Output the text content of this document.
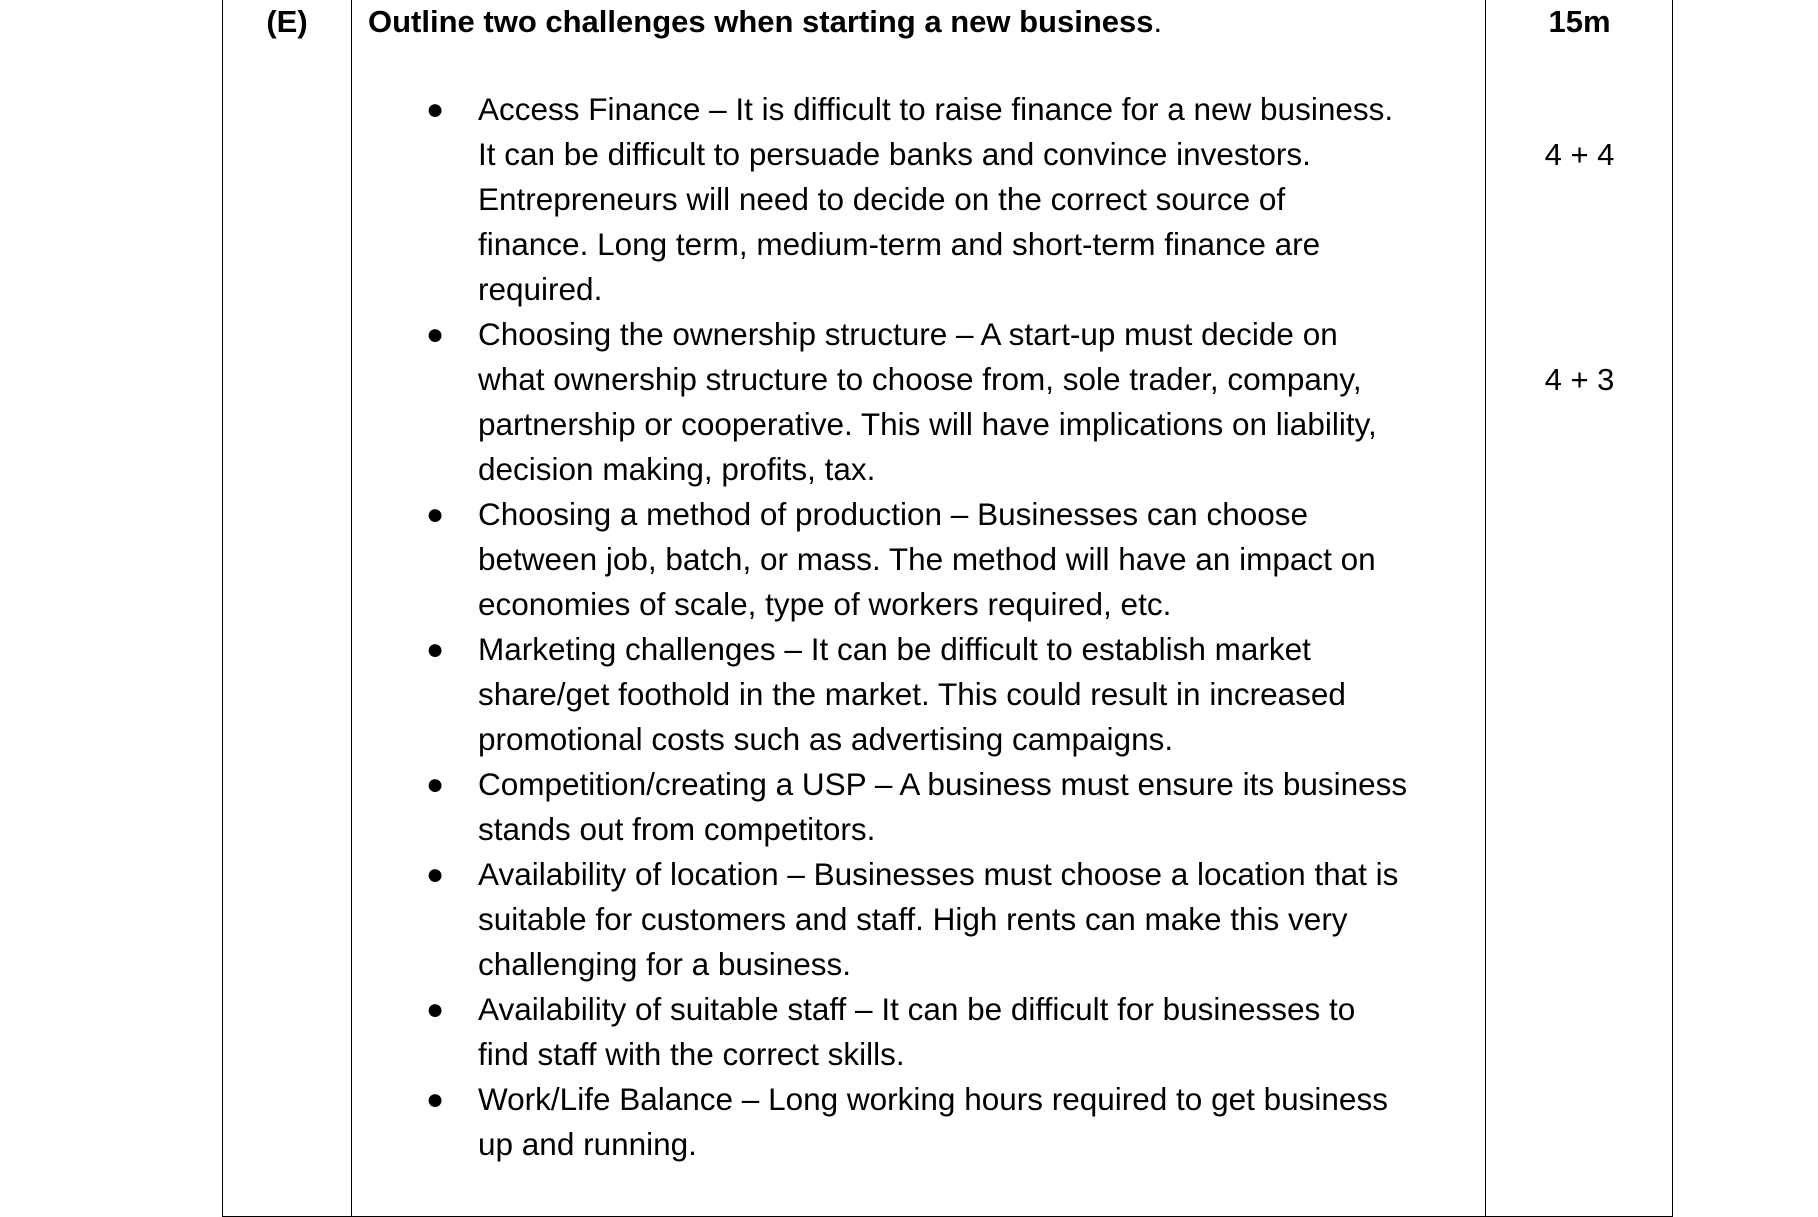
(E)	Outline two challenges when starting a new business.	15m
4 + 4
4 + 3
● Access Finance – It is difficult to raise finance for a new business.
It can be difficult to persuade banks and convince investors.
Entrepreneurs will need to decide on the correct source of
finance. Long term, medium-term and short-term finance are
required.
● Choosing the ownership structure – A start-up must decide on
what ownership structure to choose from, sole trader, company,
partnership or cooperative. This will have implications on liability,
decision making, profits, tax.
● Choosing a method of production – Businesses can choose
between job, batch, or mass. The method will have an impact on
economies of scale, type of workers required, etc.
● Marketing challenges – It can be difficult to establish market
share/get foothold in the market. This could result in increased
promotional costs such as advertising campaigns.
● Competition/creating a USP – A business must ensure its business
stands out from competitors.
● Availability of location – Businesses must choose a location that is
suitable for customers and staff. High rents can make this very
challenging for a business.
● Availability of suitable staff – It can be difficult for businesses to
find staff with the correct skills.
● Work/Life Balance – Long working hours required to get business
up and running.
